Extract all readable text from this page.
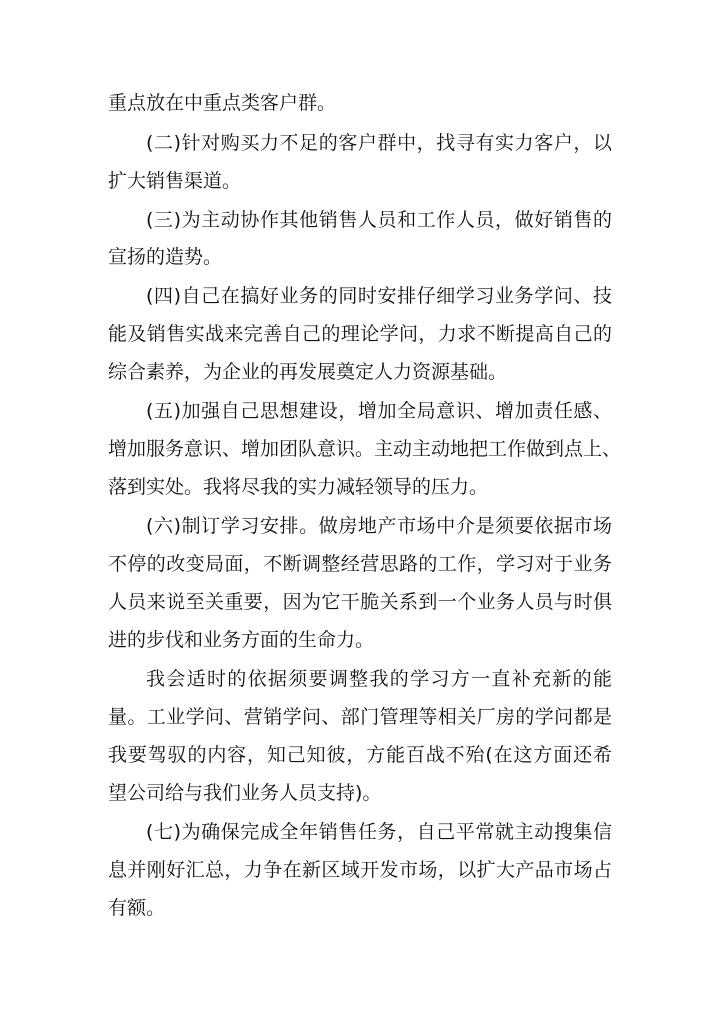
重点放在中重点类客户群。
(二)针对购买力不足的客户群中，找寻有实力客户，以
扩大销售渠道。
(三)为主动协作其他销售人员和工作人员，做好销售的
宣扬的造势。
(四)自己在搞好业务的同时安排仔细学习业务学问、技
能及销售实战来完善自己的理论学问，力求不断提高自己的
综合素养，为企业的再发展奠定人力资源基础。
(五)加强自己思想建设，增加全局意识、增加责任感、
增加服务意识、增加团队意识。主动主动地把工作做到点上、
落到实处。我将尽我的实力减轻领导的压力。
(六)制订学习安排。做房地产市场中介是须要依据市场
不停的改变局面，不断调整经营思路的工作，学习对于业务
人员来说至关重要，因为它干脆关系到一个业务人员与时俱
进的步伐和业务方面的生命力。
我会适时的依据须要调整我的学习方一直补充新的能
量。工业学问、营销学问、部门管理等相关厂房的学问都是
我要驾驭的内容，知己知彼，方能百战不殆(在这方面还希
望公司给与我们业务人员支持)。
(七)为确保完成全年销售任务，自己平常就主动搜集信
息并刚好汇总，力争在新区域开发市场，以扩大产品市场占
有额。
